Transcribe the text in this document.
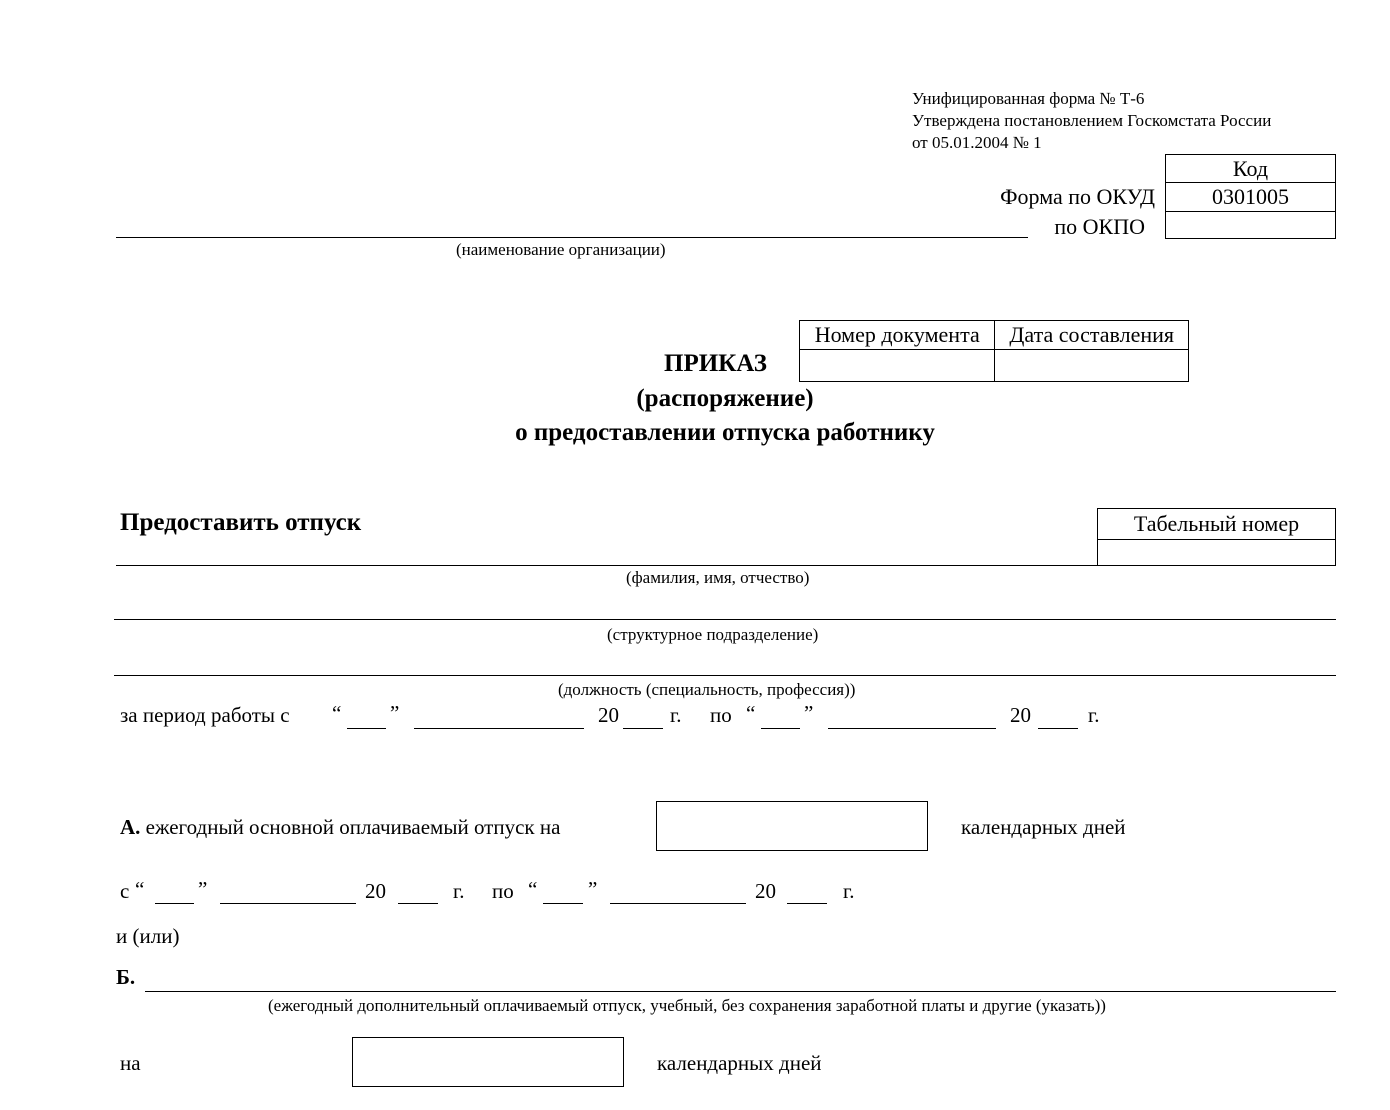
Унифицированная форма № Т-6
Утверждена постановлением Госкомстата России
от 05.01.2004 № 1
Код
0301005

Форма по ОКУД
по ОКПО
(наименование организации)
Номер документа	Дата составления

ПРИКАЗ
(распоряжение)
о предоставлении отпуска работнику
Предоставить отпуск	Табельный номер

(фамилия, имя, отчество)
(структурное подразделение)
(должность (специальность, профессия))
за период работы с “ ”	20 г. по “ ”	20	г.
А. ежегодный основной оплачиваемый отпуск на	календарных дней
с “	”	20	г. по “ ”	20	г.
и (или)
Б.
(ежегодный дополнительный оплачиваемый отпуск, учебный, без сохранения заработной платы и другие (указать))
на	календарных дней
